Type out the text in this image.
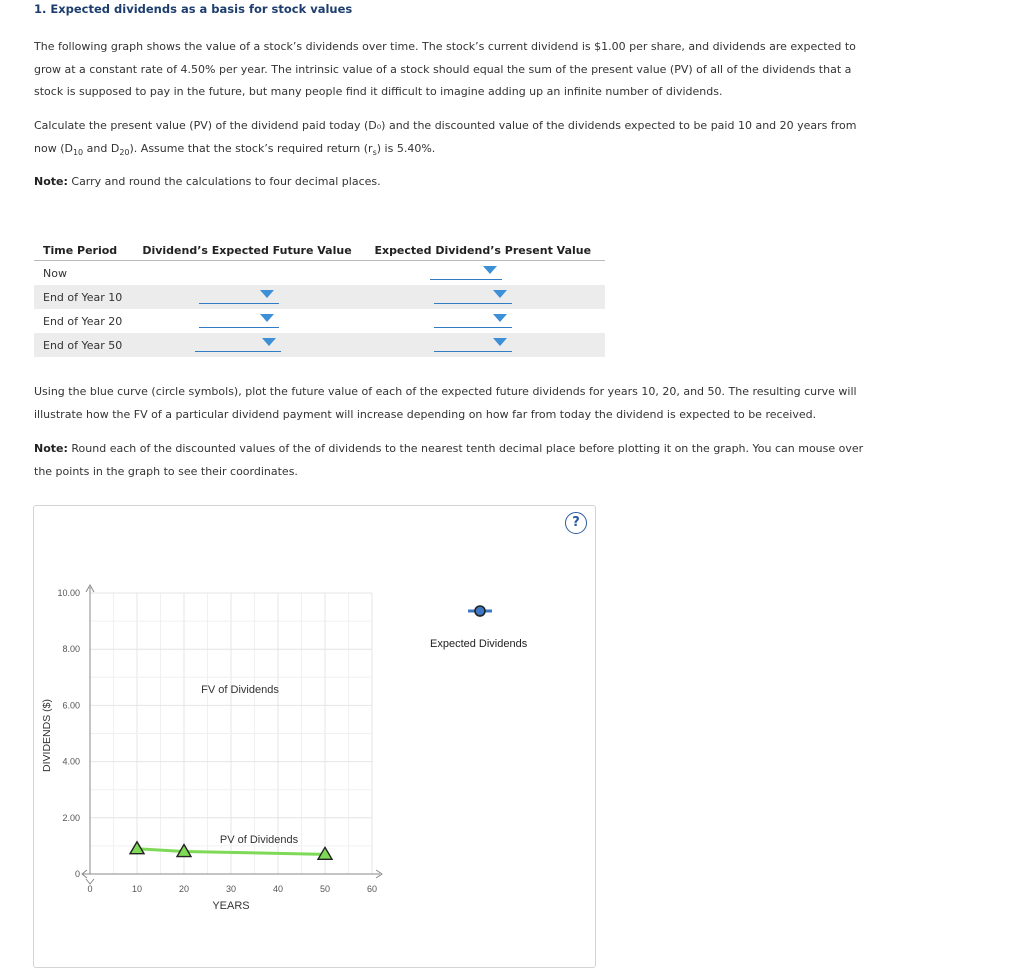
1. Expected dividends as a basis for stock values
The following graph shows the value of a stock’s dividends over time. The stock’s current dividend is $1.00 per share, and dividends are expected to
grow at a constant rate of 4.50% per year. The intrinsic value of a stock should equal the sum of the present value (PV) of all of the dividends that a
stock is supposed to pay in the future, but many people find it difficult to imagine adding up an infinite number of dividends.
Calculate the present value (PV) of the dividend paid today (D₀) and the discounted value of the dividends expected to be paid 10 and 20 years from
now ($D_{10}$ and $D_{20}$). Assume that the stock’s required return $(r_s)$ is 5.40%.
Note: Carry and round the calculations to four decimal places.
Time Period	Dividend’s Expected Future Value	Expected Dividend’s Present Value
Now		

End of Year 10	

End of Year 20	

End of Year 50	

Using the blue curve (circle symbols), plot the future value of each of the expected future dividends for years 10, 20, and 50. The resulting curve will
illustrate how the FV of a particular dividend payment will increase depending on how far from today the dividend is expected to be received.
Note: Round each of the discounted values of the of dividends to the nearest tenth decimal place before plotting it on the graph. You can mouse over
the points in the graph to see their coordinates.
?
0	10	20	30	40	50	60
0
2.00
4.00
6.00
8.00
10.00
YEARS
DIVIDENDS ($)
FV of Dividends
PV of Dividends
Expected Dividends
